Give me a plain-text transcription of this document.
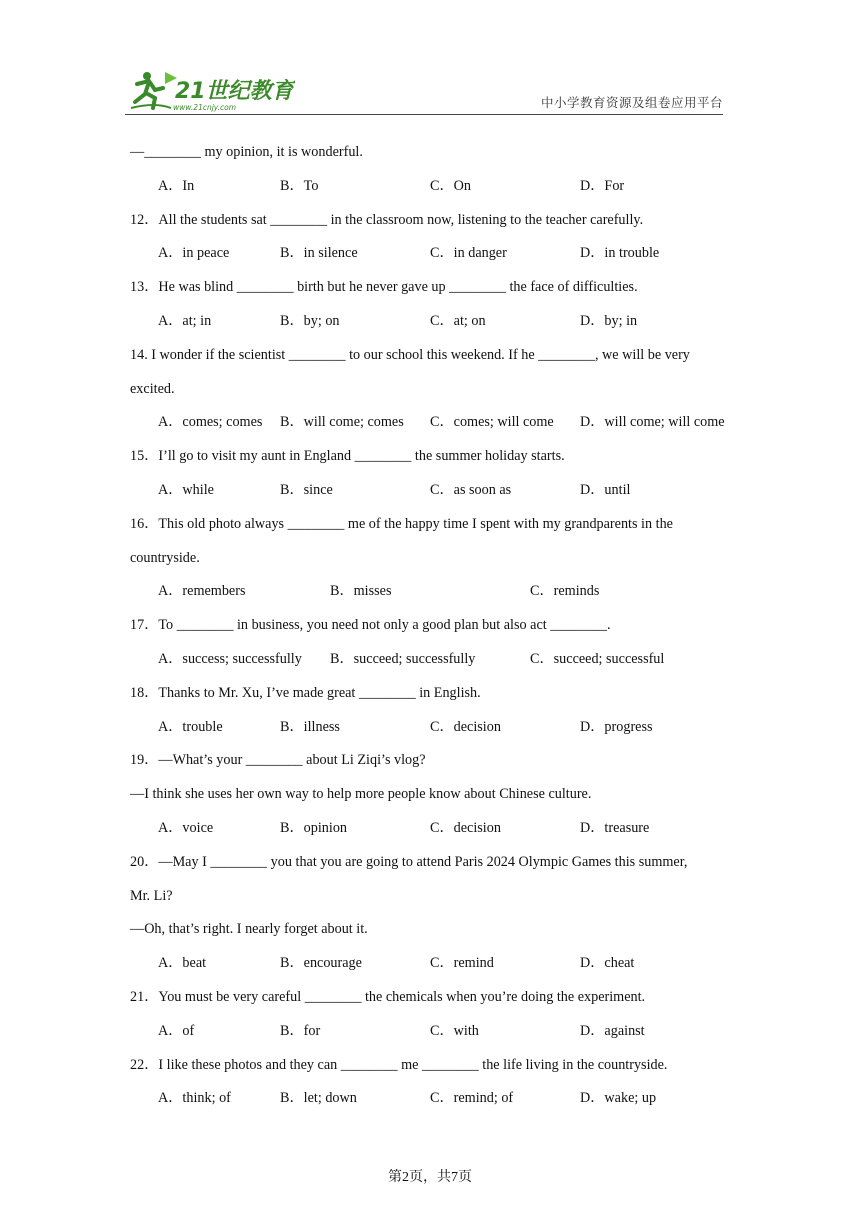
21世纪教育
www.21cnjy.com	中小学教育资源及组卷应用平台
—________ my opinion, it is wonderful.
A．In	B．To	C．On	D．For
12．All the students sat ________ in the classroom now, listening to the teacher carefully.
A．in peace	B．in silence	C．in danger	D．in trouble
13．He was blind ________ birth but he never gave up ________ the face of difficulties.
A．at; in	B．by; on	C．at; on	D．by; in
14. I wonder if the scientist ________ to our school this weekend. If he ________, we will be very
excited.
A．comes; comes B．will come; comes C．comes; will come D．will come; will come
15．I’ll go to visit my aunt in England ________ the summer holiday starts.
A．while	B．since	C．as soon as	D．until
16．This old photo always ________ me of the happy time I spent with my grandparents in the
countryside.
A．remembers	B．misses	C．reminds
17．To ________ in business, you need not only a good plan but also act ________.
A．success; successfully B．succeed; successfully	C．succeed; successful
18．Thanks to Mr. Xu, I’ve made great ________ in English.
A．trouble	B．illness	C．decision	D．progress
19．—What’s your ________ about Li Ziqi’s vlog?
—I think she uses her own way to help more people know about Chinese culture.
A．voice	B．opinion	C．decision	D．treasure
20．—May I ________ you that you are going to attend Paris 2024 Olympic Games this summer,
Mr. Li?
—Oh, that’s right. I nearly forget about it.
A．beat	B．encourage	C．remind	D．cheat
21．You must be very careful ________ the chemicals when you’re doing the experiment.
A．of	B．for	C．with	D．against
22．I like these photos and they can ________ me ________ the life living in the countryside.
A．think; of	B．let; down	C．remind; of	D．wake; up
第2页，共7页
